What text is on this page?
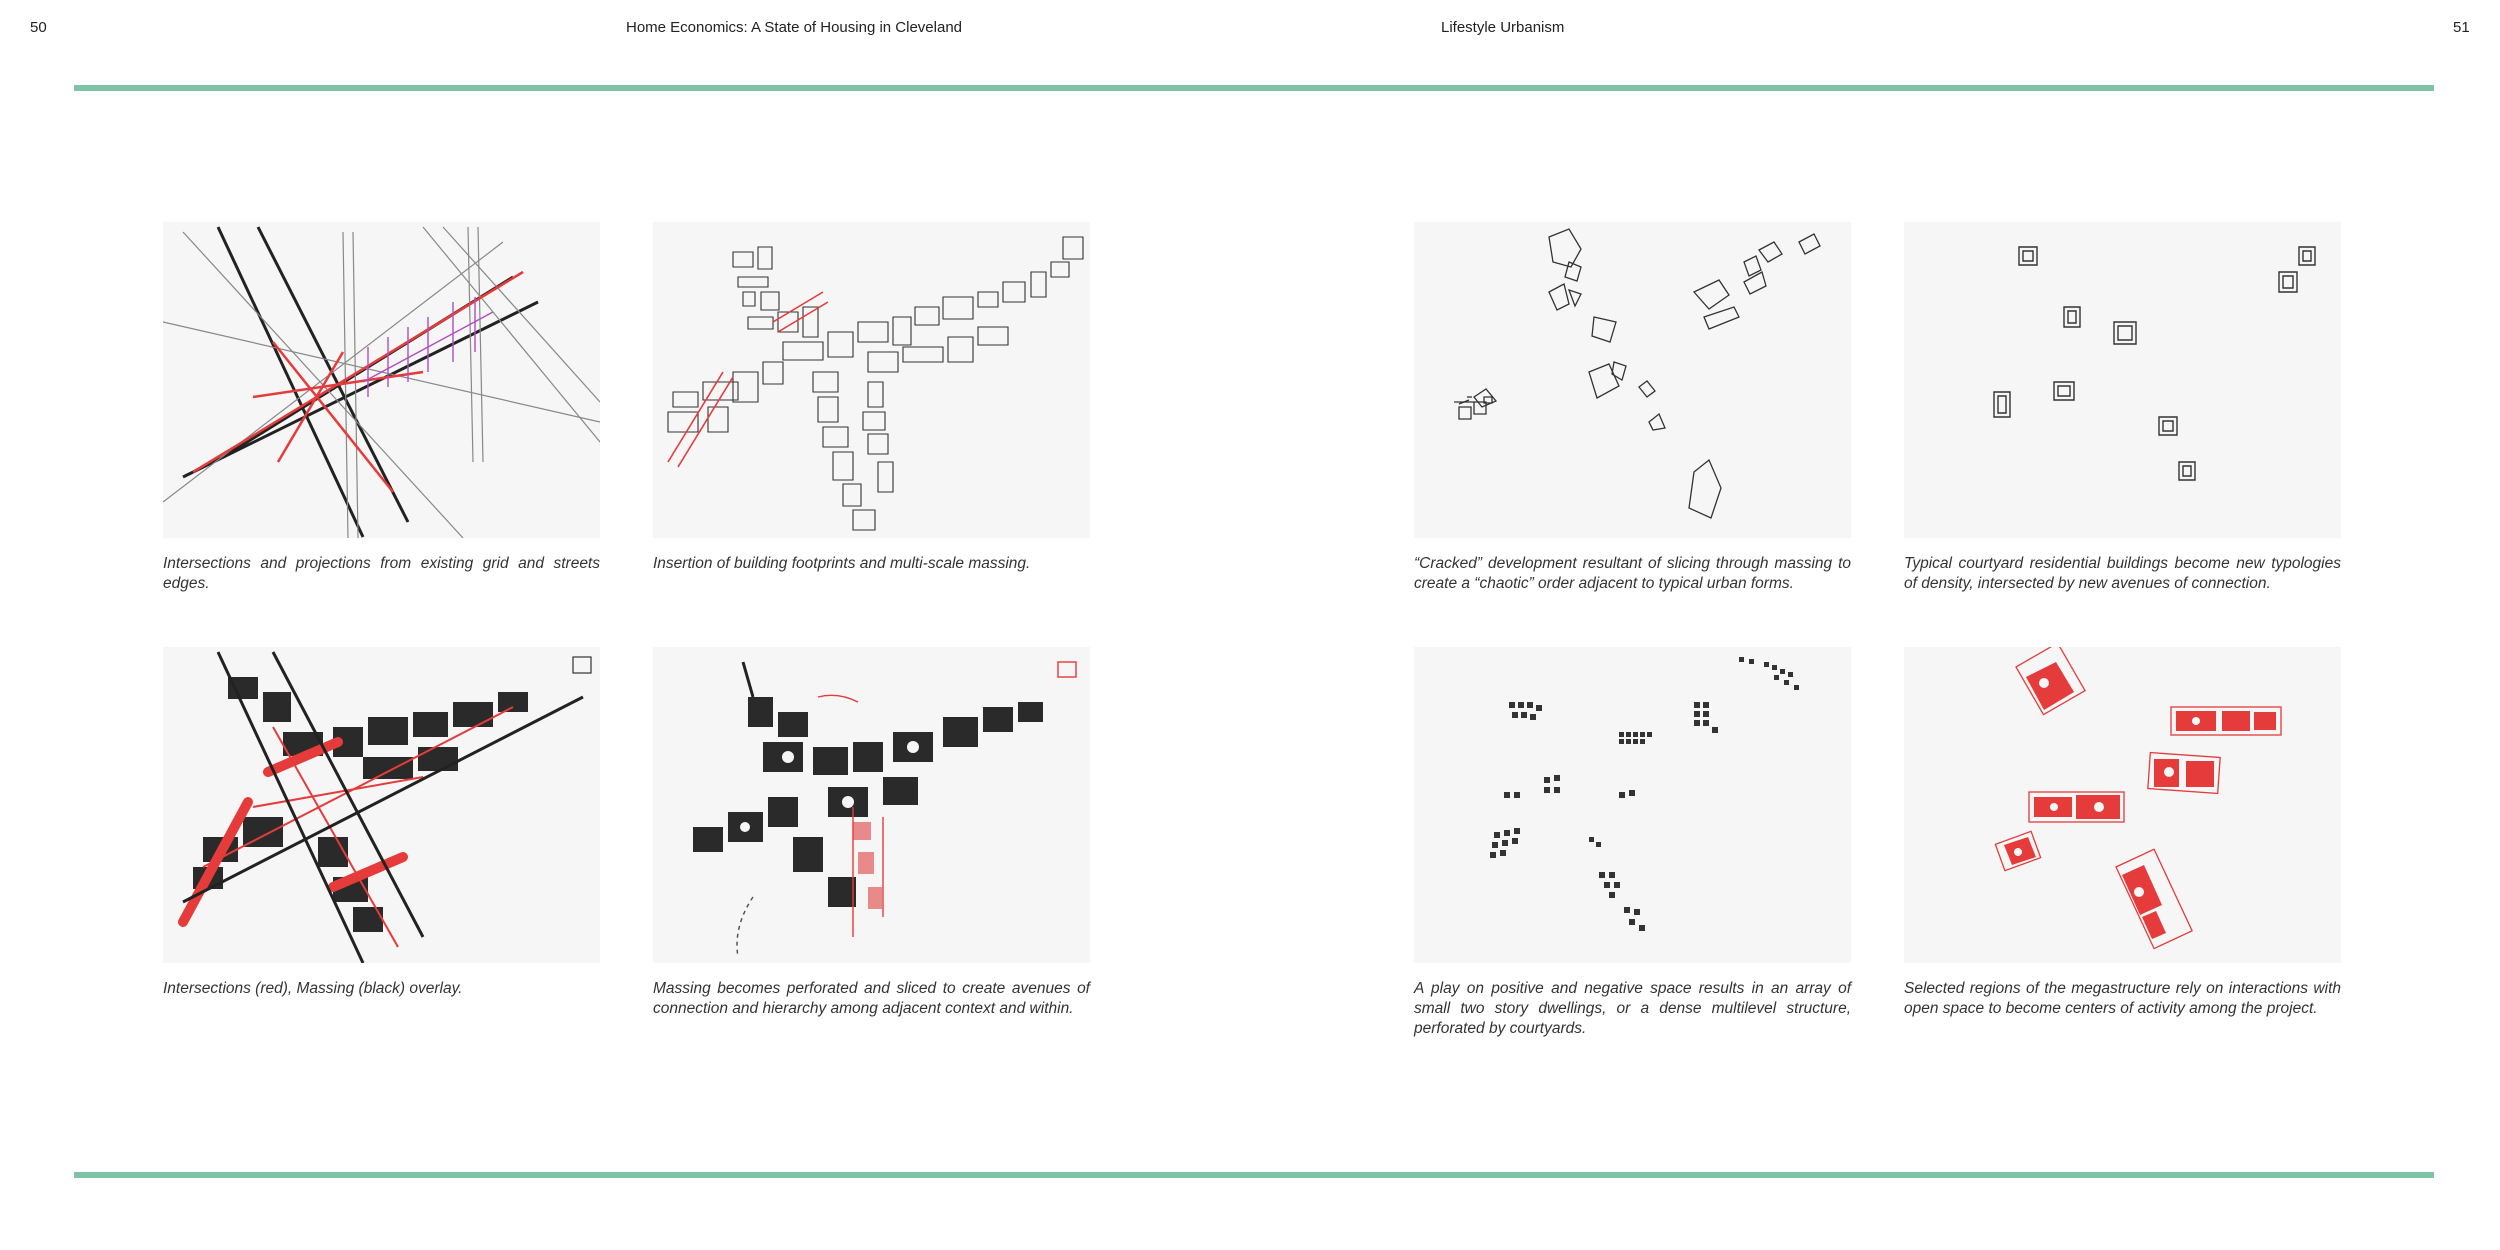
50	Home Economics: A State of Housing in Cleveland	Lifestyle Urbanism	51
Intersections and projections from existing grid and streets edges.
Insertion of building footprints and multi-scale massing.	“Cracked” development resultant of slicing through massing to create a “chaotic” order adjacent to typical urban forms.
Typical courtyard residential buildings become new typologies of density, intersected by new avenues of connection.
Intersections (red), Massing (black) overlay.	Massing becomes perforated and sliced to create avenues of connection and hierarchy among adjacent context and within.
A play on positive and negative space results in an array of small two story dwellings, or a dense multilevel structure, perforated by courtyards.
Selected regions of the megastructure rely on interactions with open space to become centers of activity among the project.
